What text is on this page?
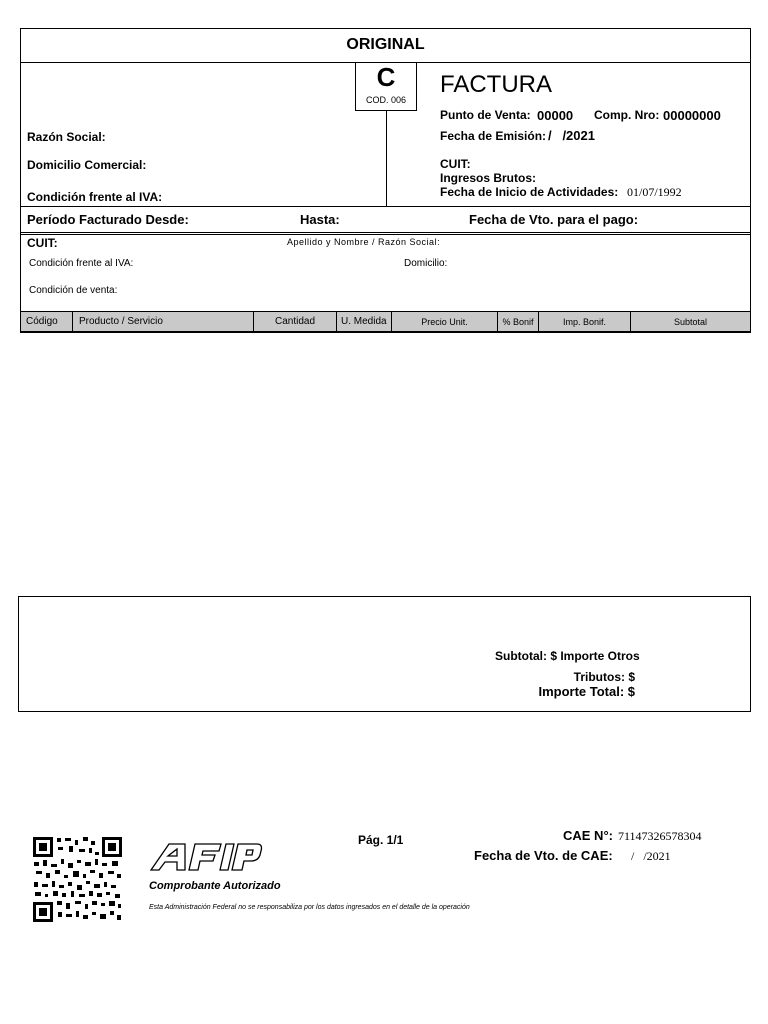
ORIGINAL
C
COD. 006
Razón Social:
Domicilio Comercial:
Condición frente al IVA:
FACTURA
Punto de Venta: 00000 Comp. Nro: 00000000
Fecha de Emisión: /   /2021
CUIT:
Ingresos Brutos:
Fecha de Inicio de Actividades: 01/07/1992
Período Facturado Desde:	Hasta:	Fecha de Vto. para el pago:
CUIT:	Apellido y Nombre / Razón Social:
Condición frente al IVA:	Domicilio:
Condición de venta:
Código	Producto / Servicio	Cantidad	U. Medida	Precio Unit.	% Bonif	Imp. Bonif.	Subtotal
Subtotal: $ Importe Otros
Tributos: $
Importe Total: $
Comprobante Autorizado
Esta Administración Federal no se responsabiliza por los datos ingresados en el detalle de la operación
Pág. 1/1	CAE N°: 71147326578304
Fecha de Vto. de CAE: /   /2021
